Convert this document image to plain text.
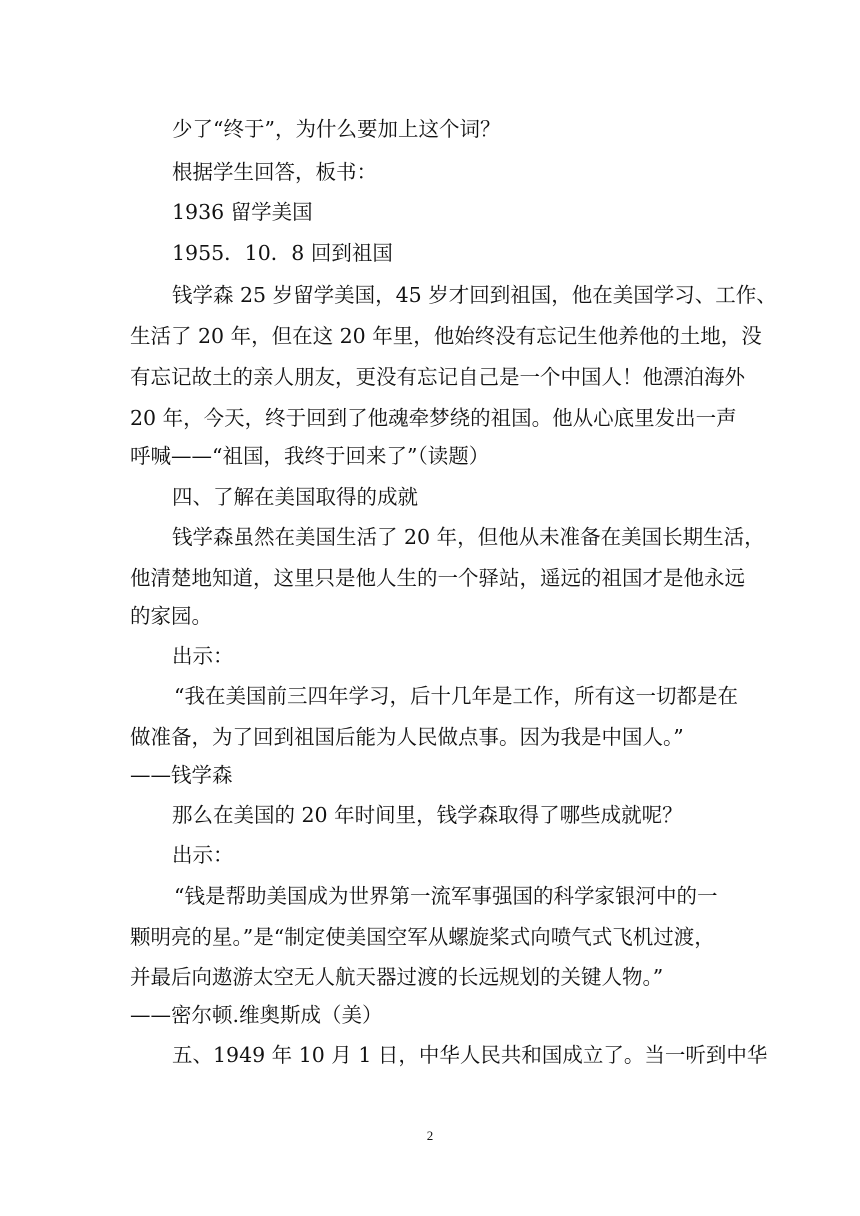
少了“终于”，为什么要加上这个词？
根据学生回答，板书：
1936 留学美国
1955．10．8 回到祖国
钱学森 25 岁留学美国，45 岁才回到祖国，他在美国学习、工作、
生活了 20 年，但在这 20 年里，他始终没有忘记生他养他的土地，没
有忘记故土的亲人朋友，更没有忘记自己是一个中国人！他漂泊海外
20 年，今天，终于回到了他魂牵梦绕的祖国。他从心底里发出一声
呼喊——“祖国，我终于回来了”（读题）
四、了解在美国取得的成就
钱学森虽然在美国生活了 20 年，但他从未准备在美国长期生活，
他清楚地知道，这里只是他人生的一个驿站，遥远的祖国才是他永远
的家园。
出示：
“我在美国前三四年学习，后十几年是工作，所有这一切都是在
做准备，为了回到祖国后能为人民做点事。因为我是中国人。”
——钱学森
那么在美国的 20 年时间里，钱学森取得了哪些成就呢？
出示：
“钱是帮助美国成为世界第一流军事强国的科学家银河中的一
颗明亮的星。”是“制定使美国空军从螺旋桨式向喷气式飞机过渡，
并最后向遨游太空无人航天器过渡的长远规划的关键人物。”
——密尔顿.维奥斯成（美）
五、1949 年 10 月 1 日，中华人民共和国成立了。当一听到中华
2
